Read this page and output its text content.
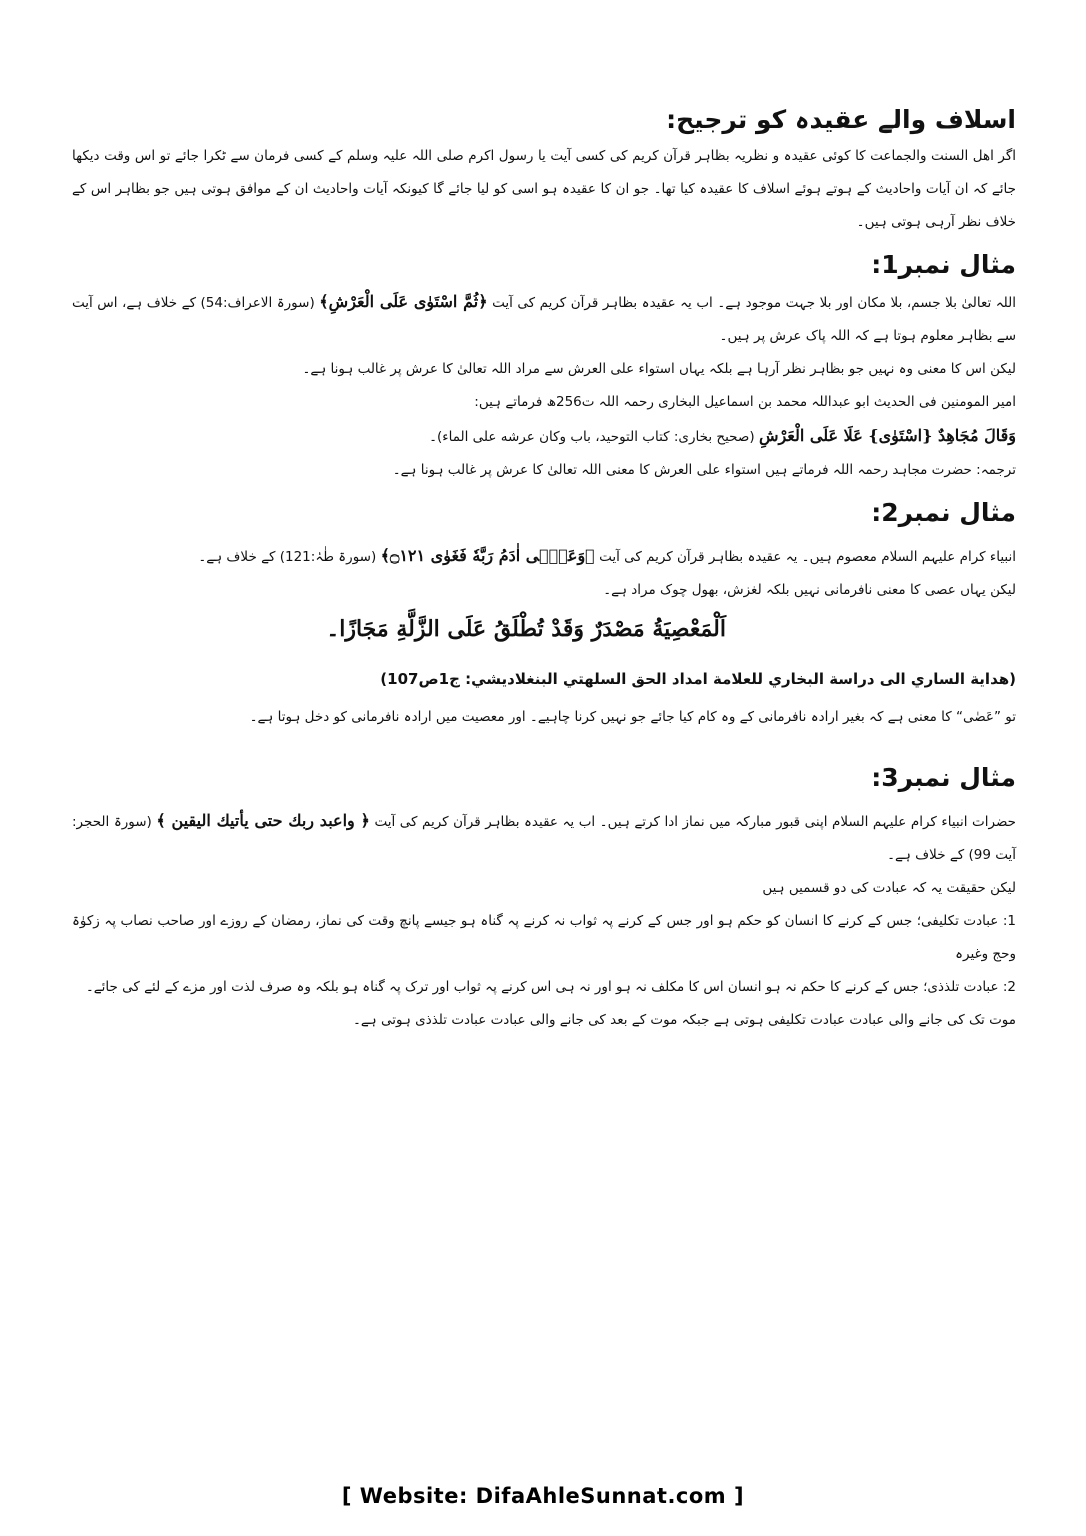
اسلاف والے عقیدہ کو ترجیح:

اگر اھل السنت والجماعت کا کوئی عقیدہ و نظریہ بظاہر قرآن کریم کی کسی آیت یا رسول اکرم صلی اللہ علیہ وسلم کے کسی فرمان سے ٹکرا جائے تو اس وقت دیکھا جائے کہ ان آیات واحادیث کے ہوتے ہوئے اسلاف کا عقیدہ کیا تھا۔ جو ان کا عقیدہ ہو اسی کو لیا جائے گا کیونکہ آیات واحادیث ان کے موافق ہوتی ہیں جو بظاہر اس کے خلاف نظر آرہی ہوتی ہیں۔

مثال نمبر1:

اللہ تعالیٰ بلا جسم، بلا مکان اور بلا جہت موجود ہے۔ اب یہ عقیدہ بظاہر قرآن کریم کی آیت ﴿ثُمَّ اسْتَوٰى عَلَى الْعَرْشِ﴾ (سورۃ الاعراف:54) کے خلاف ہے، اس آیت سے بظاہر معلوم ہوتا ہے کہ اللہ پاک عرش پر ہیں۔

لیکن اس کا معنی وہ نہیں جو بظاہر نظر آرہا ہے بلکہ یہاں استواء علی العرش سے مراد اللہ تعالیٰ کا عرش پر غالب ہونا ہے۔

امیر المومنین فی الحدیث ابو عبداللہ محمد بن اسماعیل البخاری رحمہ اللہ ت256ھ فرماتے ہیں:

وَقَالَ مُجَاهِدٌ {اسْتَوٰى} عَلَا عَلَى الْعَرْشِ (صحیح بخاری: کتاب التوحید، باب وکان عرشه علی الماء)۔

ترجمہ: حضرت مجاہد رحمہ اللہ فرماتے ہیں استواء علی العرش کا معنی اللہ تعالیٰ کا عرش پر غالب ہونا ہے۔

مثال نمبر2:

انبیاء کرام علیہم السلام معصوم ہیں۔ یہ عقیدہ بظاہر قرآن کریم کی آیت ﴿وَعَصٰۤى اٰدَمُ رَبَّهٗ فَغَوٰى ۝۱۲۱﴾ (سورۃ طٰہٰ:121) کے خلاف ہے۔

لیکن یہاں عصی کا معنی نافرمانی نہیں بلکہ لغزش، بھول چوک مراد ہے۔

اَلْمَعْصِيَةُ مَصْدَرٌ وَقَدْ تُطْلَقُ عَلَى الزَّلَّةِ مَجَازًا۔

(هداية الساري الى دراسة البخاري للعلامة امداد الحق السلهتي البنغلاديشي: ج1ص107)

تو ”عَصٰی“ کا معنی ہے کہ بغیر ارادہ نافرمانی کے وہ کام کیا جائے جو نہیں کرنا چاہیے۔ اور معصیت میں ارادہ نافرمانی کو دخل ہوتا ہے۔

مثال نمبر3:

حضرات انبیاء کرام علیہم السلام اپنی قبور مبارکہ میں نماز ادا کرتے ہیں۔ اب یہ عقیدہ بظاہر قرآن کریم کی آیت ﴿ واعبد ربك حتى يأتيك اليقين ﴾ (سورۃ الحجر: آیت 99) کے خلاف ہے۔

لیکن حقیقت یہ کہ عبادت کی دو قسمیں ہیں

1: عبادت تکلیفی؛ جس کے کرنے کا انسان کو حکم ہو اور جس کے کرنے پہ ثواب نہ کرنے پہ گناہ ہو جیسے پانچ وقت کی نماز، رمضان کے روزے اور صاحب نصاب پہ زکوٰۃ وحج وغیرہ

2: عبادت تلذذی؛ جس کے کرنے کا حکم نہ ہو انسان اس کا مکلف نہ ہو اور نہ ہی اس کرنے پہ ثواب اور ترک پہ گناہ ہو بلکہ وہ صرف لذت اور مزے کے لئے کی جائے۔

موت تک کی جانے والی عبادت عبادت تکلیفی ہوتی ہے جبکہ موت کے بعد کی جانے والی عبادت عبادت تلذذی ہوتی ہے۔

[ Website: DifaAhleSunnat.com ]
